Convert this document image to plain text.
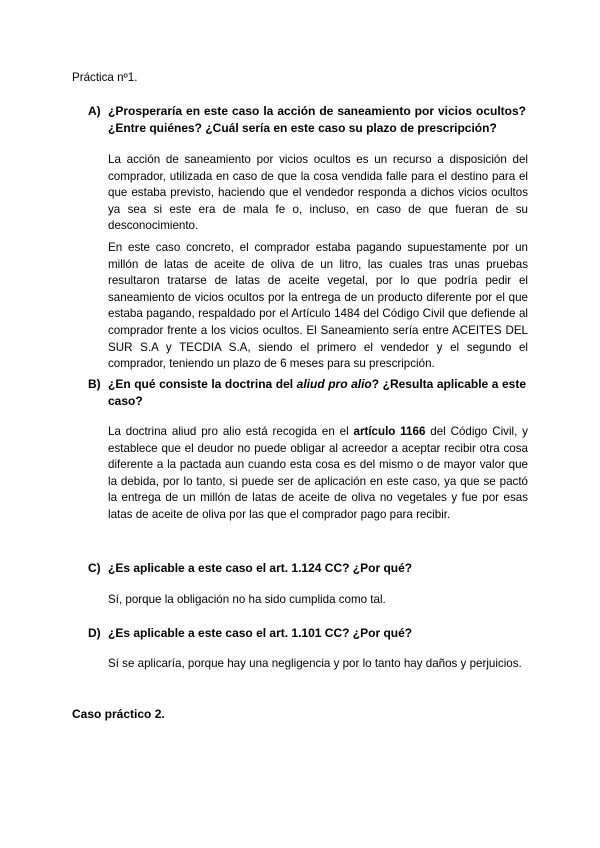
Práctica nº1.
A) ¿Prosperaría en este caso la acción de saneamiento por vicios ocultos? ¿Entre quiénes? ¿Cuál sería en este caso su plazo de prescripción?
La acción de saneamiento por vicios ocultos es un recurso a disposición del comprador, utilizada en caso de que la cosa vendida falle para el destino para el que estaba previsto, haciendo que el vendedor responda a dichos vicios ocultos ya sea si este era de mala fe o, incluso, en caso de que fueran de su desconocimiento.
En este caso concreto, el comprador estaba pagando supuestamente por un millón de latas de aceite de oliva de un litro, las cuales tras unas pruebas resultaron tratarse de latas de aceite vegetal, por lo que podría pedir el saneamiento de vicios ocultos por la entrega de un producto diferente por el que estaba pagando, respaldado por el Artículo 1484 del Código Civil que defiende al comprador frente a los vicios ocultos. El Saneamiento sería entre ACEITES DEL SUR S.A y TECDIA S.A, siendo el primero el vendedor y el segundo el comprador, teniendo un plazo de 6 meses para su prescripción.
B) ¿En qué consiste la doctrina del aliud pro alio? ¿Resulta aplicable a este caso?
La doctrina aliud pro alio está recogida en el artículo 1166 del Código Civil, y establece que el deudor no puede obligar al acreedor a aceptar recibir otra cosa diferente a la pactada aun cuando esta cosa es del mismo o de mayor valor que la debida, por lo tanto, si puede ser de aplicación en este caso, ya que se pactó la entrega de un millón de latas de aceite de oliva no vegetales y fue por esas latas de aceite de oliva por las que el comprador pago para recibir.
C) ¿Es aplicable a este caso el art. 1.124 CC? ¿Por qué?
Sí, porque la obligación no ha sido cumplida como tal.
D) ¿Es aplicable a este caso el art. 1.101 CC? ¿Por qué?
Sí se aplicaría, porque hay una negligencia y por lo tanto hay daños y perjuicios.
Caso práctico 2.
